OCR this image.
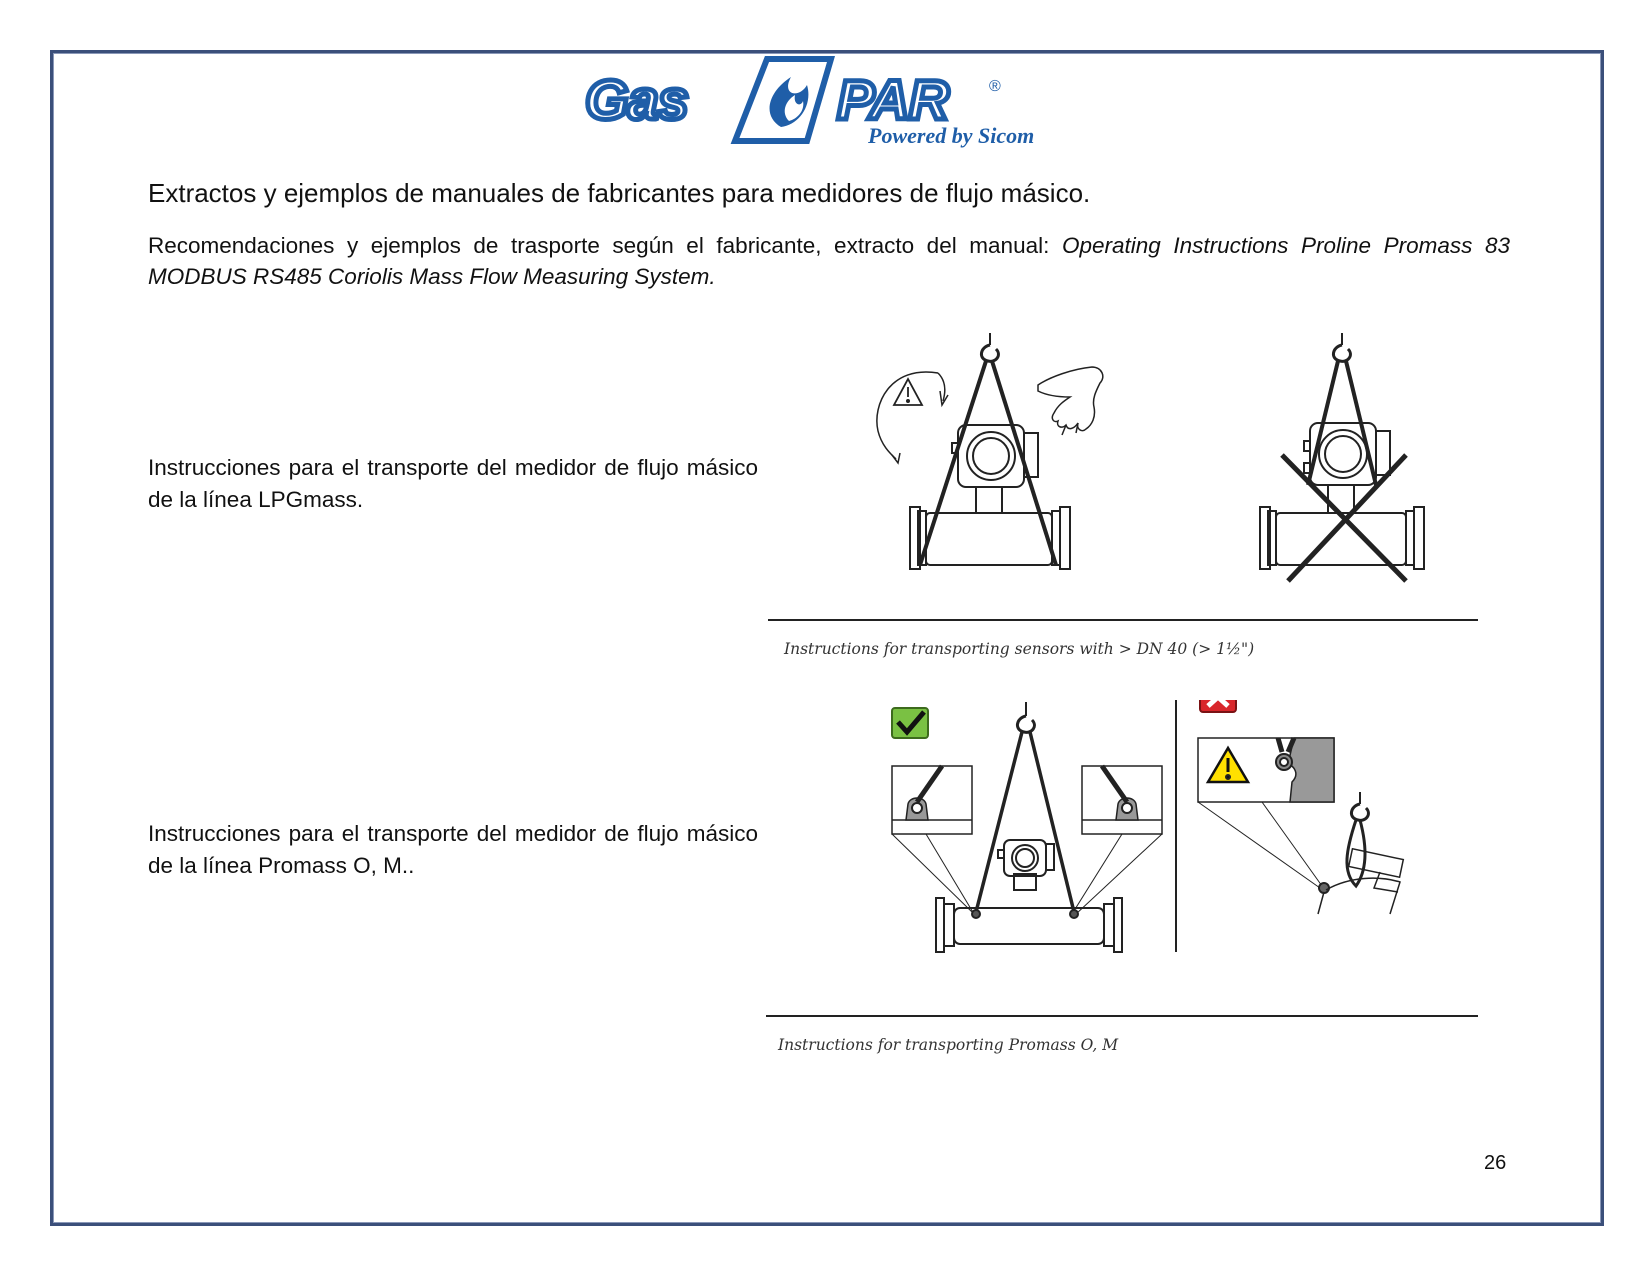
Gas	PAR	®
Powered by Sicom
Extractos y ejemplos de manuales de fabricantes para medidores de flujo másico.
Recomendaciones y ejemplos de trasporte según el fabricante, extracto del manual: Operating Instructions Proline Promass 83 MODBUS RS485 Coriolis Mass Flow Measuring System.
Instrucciones para el transporte del medidor de flujo másico de la línea LPGmass.
Instrucciones para el transporte del medidor de flujo másico de la línea Promass O, M..
Instructions for transporting sensors with > DN 40 (> 1½")
Instructions for transporting Promass O, M
26
